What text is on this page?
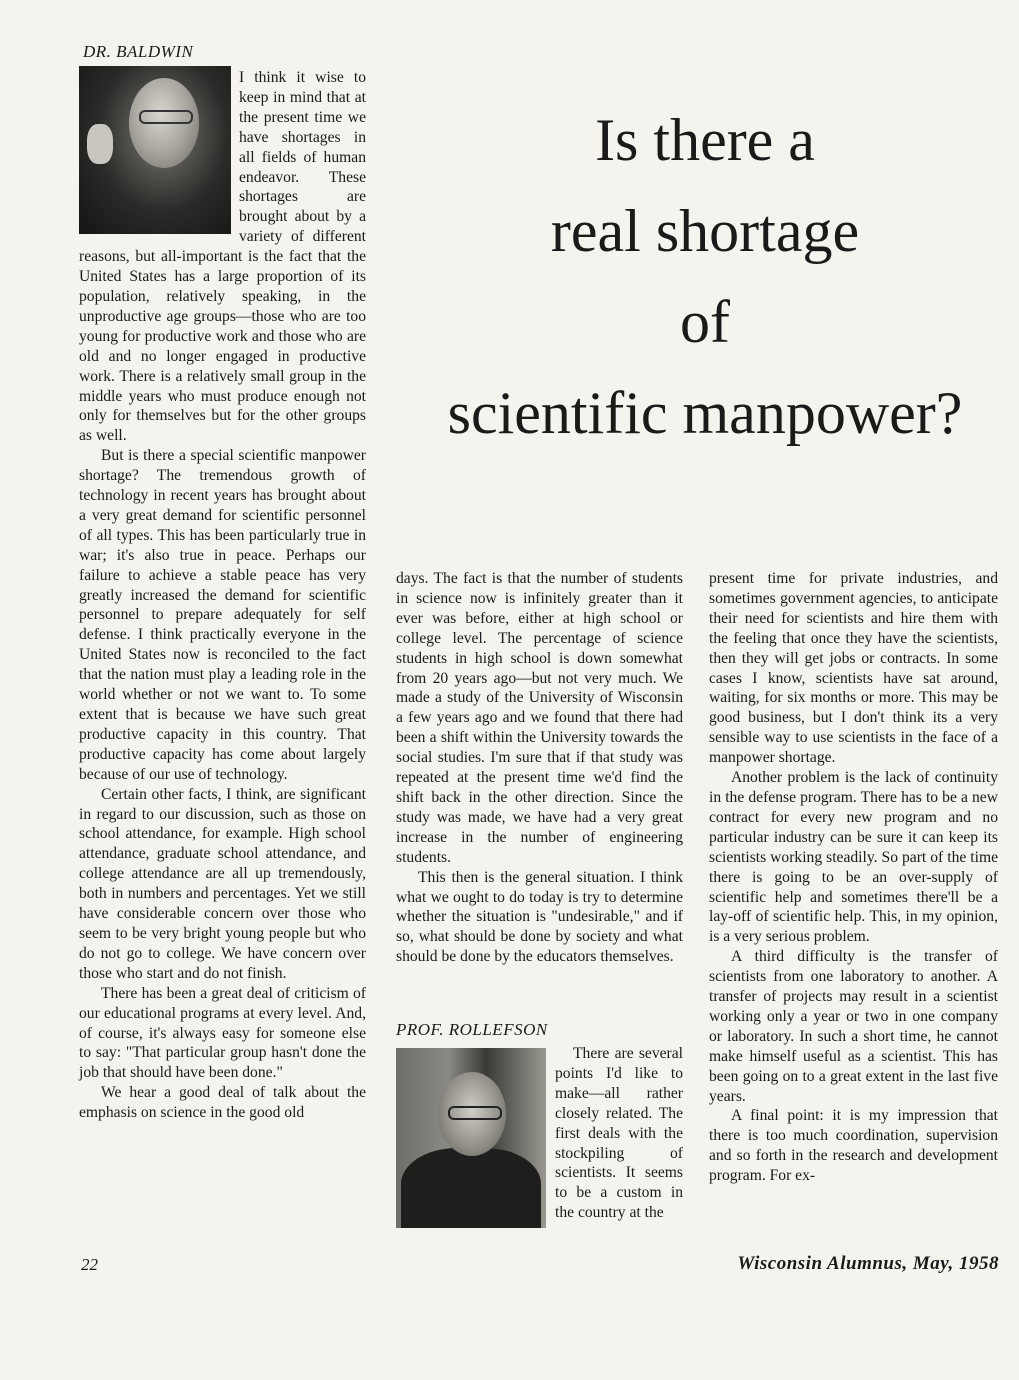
DR. BALDWIN

I think it wise to keep in mind that at the present time we have shortages in all fields of human endeavor. These shortages are brought about by a variety of different reasons, but all-important is the fact that the United States has a large proportion of its population, relatively speaking, in the unproductive age groups—those who are too young for productive work and those who are old and no longer engaged in productive work. There is a relatively small group in the middle years who must produce enough not only for themselves but for the other groups as well.

But is there a special scientific manpower shortage? The tremendous growth of technology in recent years has brought about a very great demand for scientific personnel of all types. This has been particularly true in war; it's also true in peace. Perhaps our failure to achieve a stable peace has very greatly increased the demand for scientific personnel to prepare adequately for self defense. I think practically everyone in the United States now is reconciled to the fact that the nation must play a leading role in the world whether or not we want to. To some extent that is because we have such great productive capacity in this country. That productive capacity has come about largely because of our use of technology.

Certain other facts, I think, are significant in regard to our discussion, such as those on school attendance, for example. High school attendance, graduate school attendance, and college attendance are all up tremendously, both in numbers and percentages. Yet we still have considerable concern over those who seem to be very bright young people but who do not go to college. We have concern over those who start and do not finish.

There has been a great deal of criticism of our educational programs at every level. And, of course, it's always easy for someone else to say: "That particular group hasn't done the job that should have been done."

We hear a good deal of talk about the emphasis on science in the good old

Is there a
real shortage
of
scientific manpower?

days. The fact is that the number of students in science now is infinitely greater than it ever was before, either at high school or college level. The percentage of science students in high school is down somewhat from 20 years ago—but not very much. We made a study of the University of Wisconsin a few years ago and we found that there had been a shift within the University towards the social studies. I'm sure that if that study was repeated at the present time we'd find the shift back in the other direction. Since the study was made, we have had a very great increase in the number of engineering students.

This then is the general situation. I think what we ought to do today is try to determine whether the situation is "undesirable," and if so, what should be done by society and what should be done by the educators themselves.

PROF. ROLLEFSON

There are several points I'd like to make—all rather closely related. The first deals with the stockpiling of scientists. It seems to be a custom in the country at the

present time for private industries, and sometimes government agencies, to anticipate their need for scientists and hire them with the feeling that once they have the scientists, then they will get jobs or contracts. In some cases I know, scientists have sat around, waiting, for six months or more. This may be good business, but I don't think its a very sensible way to use scientists in the face of a manpower shortage.

Another problem is the lack of continuity in the defense program. There has to be a new contract for every new program and no particular industry can be sure it can keep its scientists working steadily. So part of the time there is going to be an over-supply of scientific help and sometimes there'll be a lay-off of scientific help. This, in my opinion, is a very serious problem.

A third difficulty is the transfer of scientists from one laboratory to another. A transfer of projects may result in a scientist working only a year or two in one company or laboratory. In such a short time, he cannot make himself useful as a scientist. This has been going on to a great extent in the last five years.

A final point: it is my impression that there is too much coordination, supervision and so forth in the research and development program. For ex-

22	Wisconsin Alumnus, May, 1958
